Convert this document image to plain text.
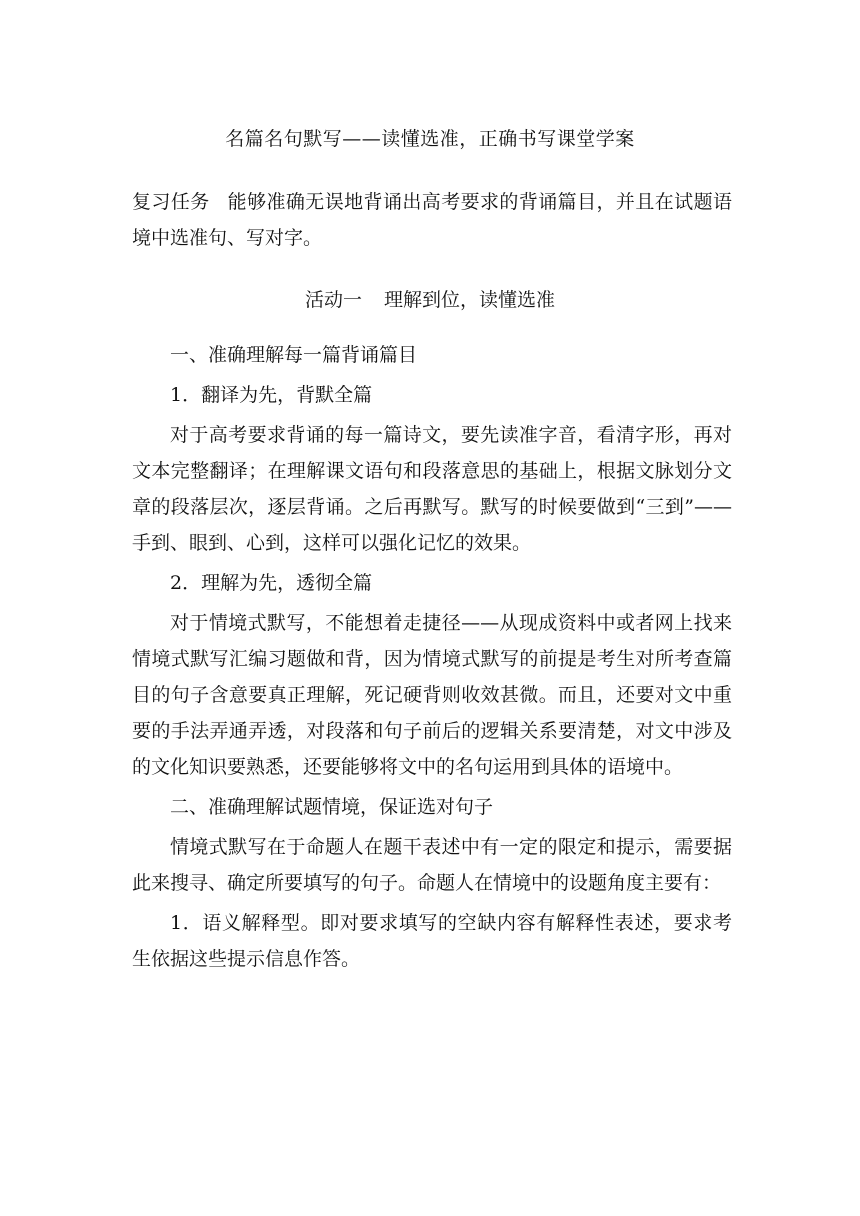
名篇名句默写——读懂选准，正确书写课堂学案

复习任务 能够准确无误地背诵出高考要求的背诵篇目，并且在试题语境中选准句、写对字。

活动一 理解到位，读懂选准

一、准确理解每一篇背诵篇目

1．翻译为先，背默全篇

对于高考要求背诵的每一篇诗文，要先读准字音，看清字形，再对文本完整翻译；在理解课文语句和段落意思的基础上，根据文脉划分文章的段落层次，逐层背诵。之后再默写。默写的时候要做到“三到”——手到、眼到、心到，这样可以强化记忆的效果。

2．理解为先，透彻全篇

对于情境式默写，不能想着走捷径——从现成资料中或者网上找来情境式默写汇编习题做和背，因为情境式默写的前提是考生对所考查篇目的句子含意要真正理解，死记硬背则收效甚微。而且，还要对文中重要的手法弄通弄透，对段落和句子前后的逻辑关系要清楚，对文中涉及的文化知识要熟悉，还要能够将文中的名句运用到具体的语境中。

二、准确理解试题情境，保证选对句子

情境式默写在于命题人在题干表述中有一定的限定和提示，需要据此来搜寻、确定所要填写的句子。命题人在情境中的设题角度主要有：

1．语义解释型。即对要求填写的空缺内容有解释性表述，要求考生依据这些提示信息作答。
